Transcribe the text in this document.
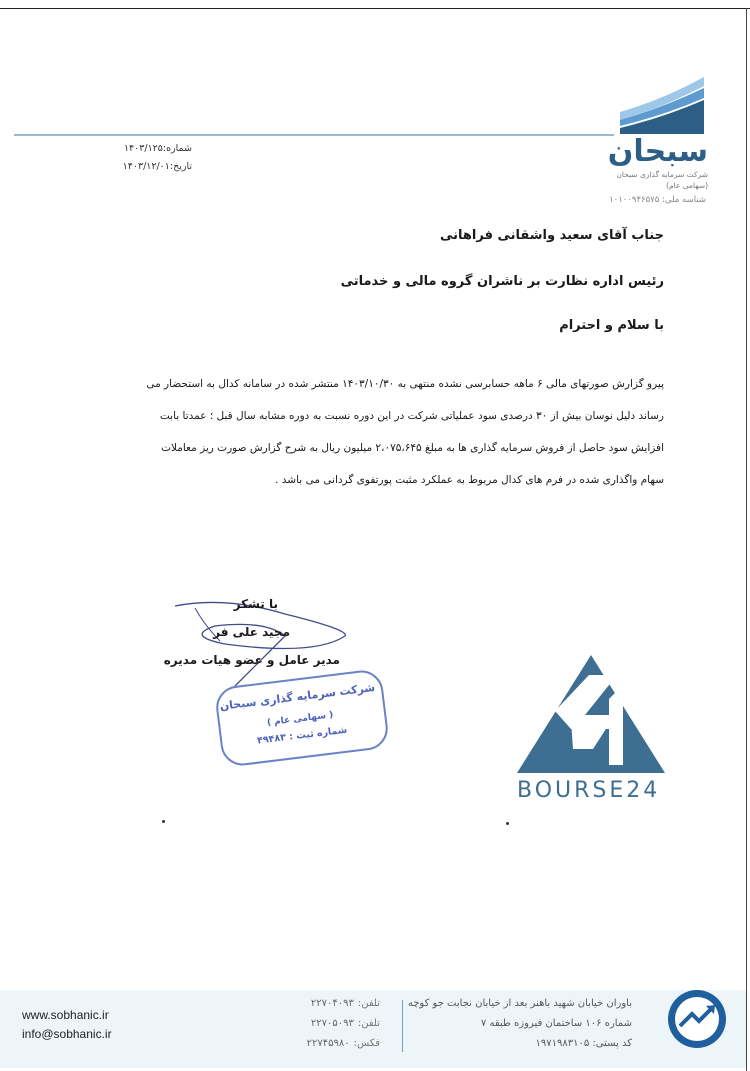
سبحان
شرکت سرمایه گذاری سبحان
(سهامی عام)
شناسه ملی: ۱۰۱۰۰۹۴۶۵۷۵
شماره:۱۴۰۳/۱۲۵
تاریخ:۱۴۰۳/۱۲/۰۱

جناب آقای سعید واشقانی فراهانی

رئیس اداره نظارت بر ناشران گروه مالی و خدماتی

با سلام و احترام

پیرو گزارش صورتهای مالی ۶ ماهه حسابرسی نشده منتهی به ۱۴۰۳/۱۰/۳۰ منتشر شده در سامانه کدال به استحضار می

رساند دلیل نوسان بیش از ۳۰ درصدی سود عملیاتی شرکت در این دوره نسبت به دوره مشابه سال قبل ؛ عمدتا بابت

افزایش سود حاصل از فروش سرمایه گذاری ها به مبلغ ۲،۰۷۵،۶۴۵ میلیون ریال به شرح گزارش صورت ریز معاملات

سهام واگذاری شده در فرم های کدال مربوط به عملکرد مثبت پورتفوی گردانی می باشد .

با تشکر

مجید علی فر

مدیر عامل و عضو هیات مدیره

شرکت سرمایه گذاری سبحان
( سهامی عام )
شماره ثبت : ۴۹۴۸۳
BOURSE24
www.sobhanic.ir
info@sobhanic.ir

تلفن:۲۲۷۰۴۰۹۳

تلفن:۲۲۷۰۵۰۹۳

فکس:۲۲۷۴۵۹۸۰

باوران خیابان شهید باهنر بعد از خیابان نجابت جو کوچه

شماره ۱۰۶ ساختمان فیروزه طبقه ۷

کد پستی: ۱۹۷۱۹۸۳۱۰۵
